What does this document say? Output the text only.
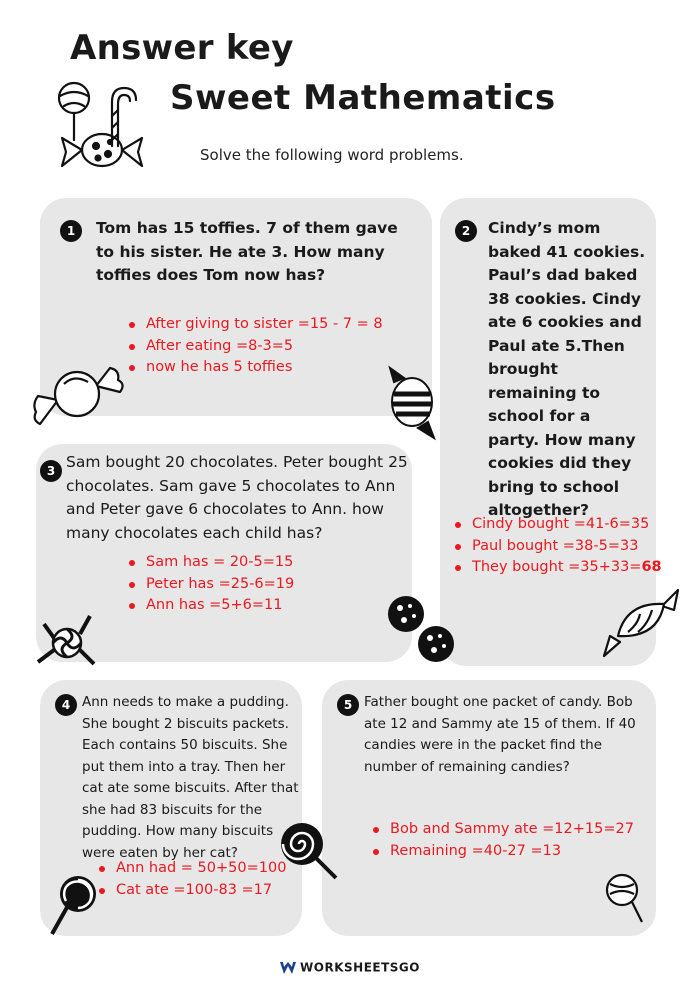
Answer key
Sweet Mathematics
Solve the following word problems.
1	Tom has 15 toffies. 7 of them gave to his sister. He ate 3. How many toffies does Tom now has?
After giving to sister =15 - 7 = 8
After eating =8-3=5
now he has 5 toffies
2	Cindy’s mom baked 41 cookies. Paul’s dad baked 38 cookies. Cindy ate 6 cookies and Paul ate 5.Then brought remaining to school for a party. How many cookies did they bring to school altogether?
Cindy bought =41-6=35
Paul bought =38-5=33
They bought =35+33=68
3 Sam bought 20 chocolates. Peter bought 25 chocolates. Sam gave 5 chocolates to Ann and Peter gave 6 chocolates to Ann. how many chocolates each child has?
Sam has = 20-5=15
Peter has =25-6=19
Ann has =5+6=11
4 Ann needs to make a pudding. She bought 2 biscuits packets. Each contains 50 biscuits. She put them into a tray. Then her cat ate some biscuits. After that she had 83 biscuits for the pudding. How many biscuits were eaten by her cat?
Ann had = 50+50=100
Cat ate =100-83 =17
5 Father bought one packet of candy. Bob ate 12 and Sammy ate 15 of them. If 40 candies were in the packet find the number of remaining candies?
Bob and Sammy ate =12+15=27
Remaining =40-27 =13
WORKSHEETSGO
